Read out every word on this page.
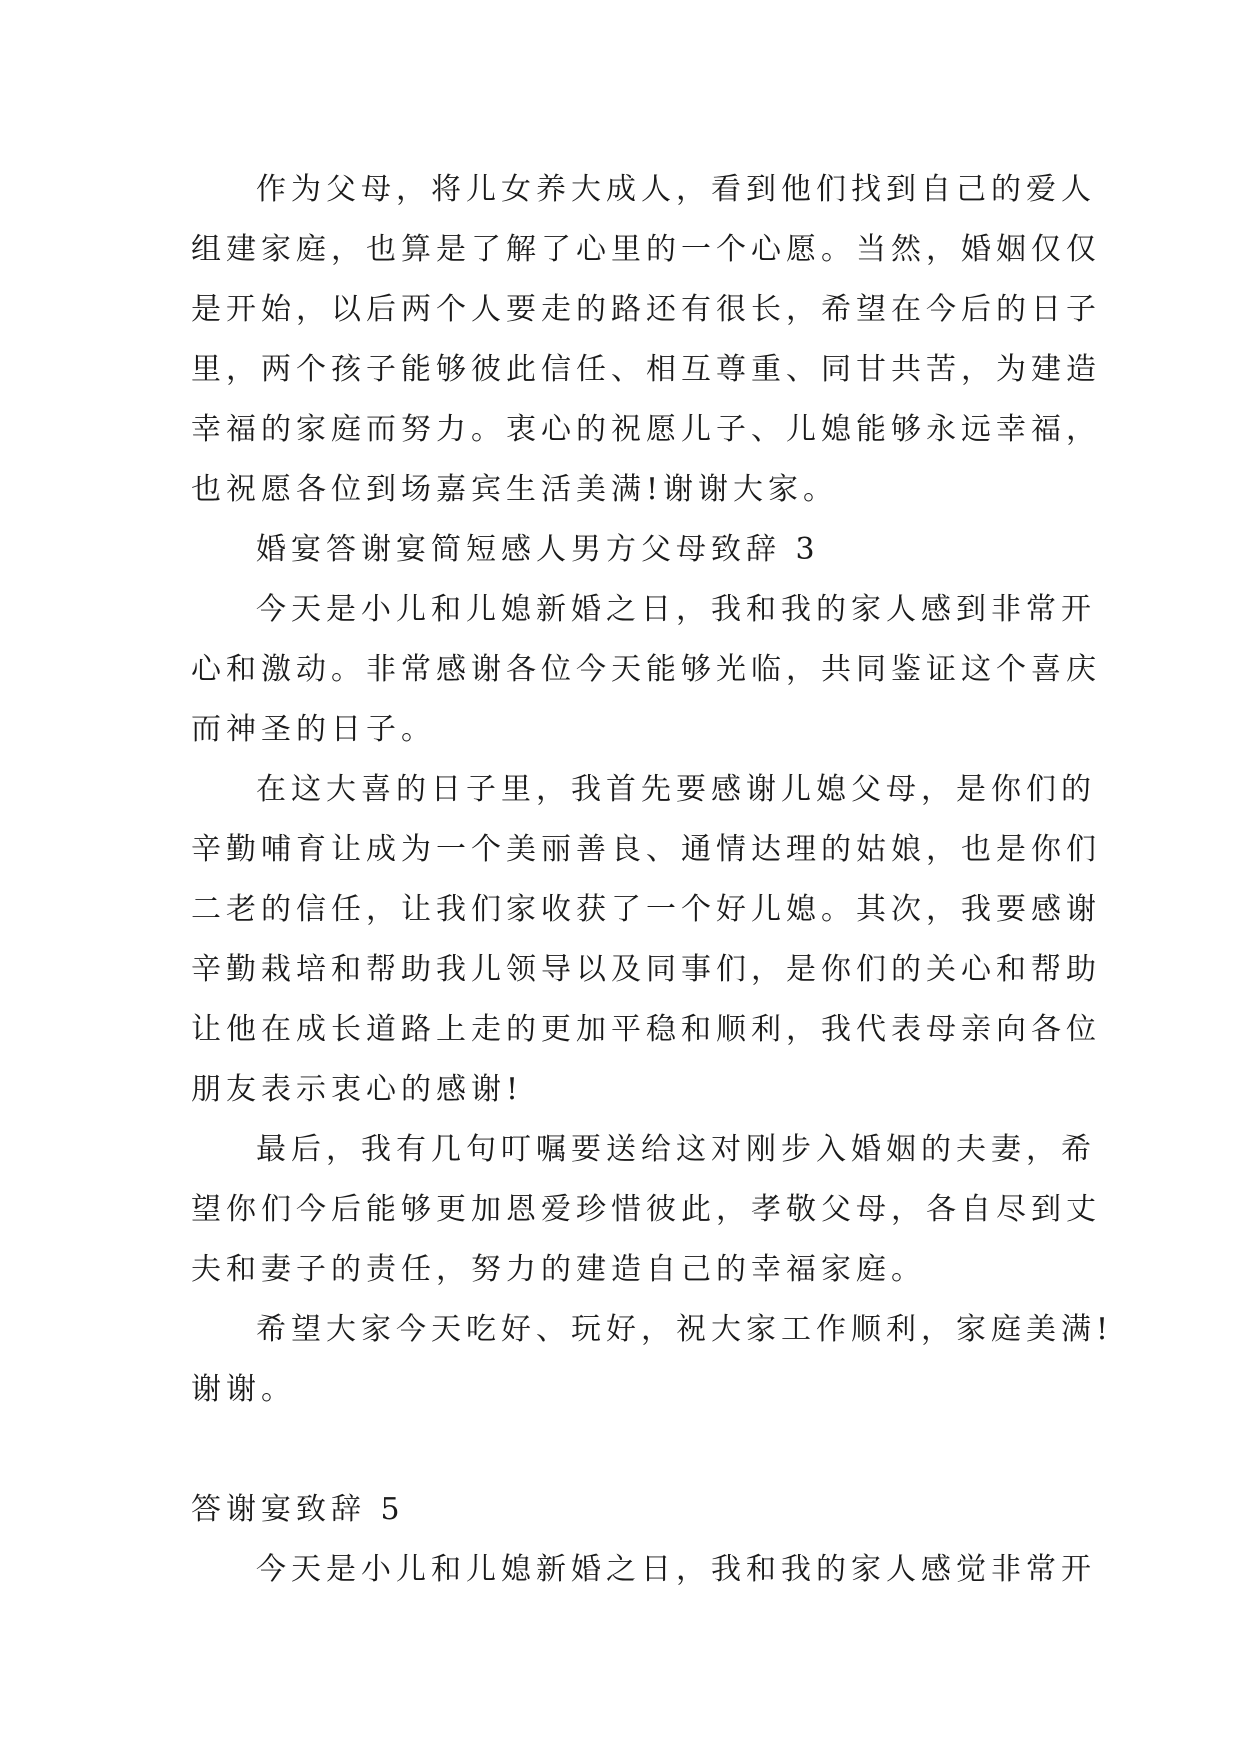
作为父母，将儿女养大成人，看到他们找到自己的爱人
组建家庭，也算是了解了心里的一个心愿。当然，婚姻仅仅
是开始，以后两个人要走的路还有很长，希望在今后的日子
里，两个孩子能够彼此信任、相互尊重、同甘共苦，为建造
幸福的家庭而努力。衷心的祝愿儿子、儿媳能够永远幸福，
也祝愿各位到场嘉宾生活美满!谢谢大家。
婚宴答谢宴简短感人男方父母致辞 3
今天是小儿和儿媳新婚之日，我和我的家人感到非常开
心和激动。非常感谢各位今天能够光临，共同鉴证这个喜庆
而神圣的日子。
在这大喜的日子里，我首先要感谢儿媳父母，是你们的
辛勤哺育让成为一个美丽善良、通情达理的姑娘，也是你们
二老的信任，让我们家收获了一个好儿媳。其次，我要感谢
辛勤栽培和帮助我儿领导以及同事们，是你们的关心和帮助
让他在成长道路上走的更加平稳和顺利，我代表母亲向各位
朋友表示衷心的感谢!
最后，我有几句叮嘱要送给这对刚步入婚姻的夫妻，希
望你们今后能够更加恩爱珍惜彼此，孝敬父母，各自尽到丈
夫和妻子的责任，努力的建造自己的幸福家庭。
希望大家今天吃好、玩好，祝大家工作顺利，家庭美满!
谢谢。
答谢宴致辞 5
今天是小儿和儿媳新婚之日，我和我的家人感觉非常开
